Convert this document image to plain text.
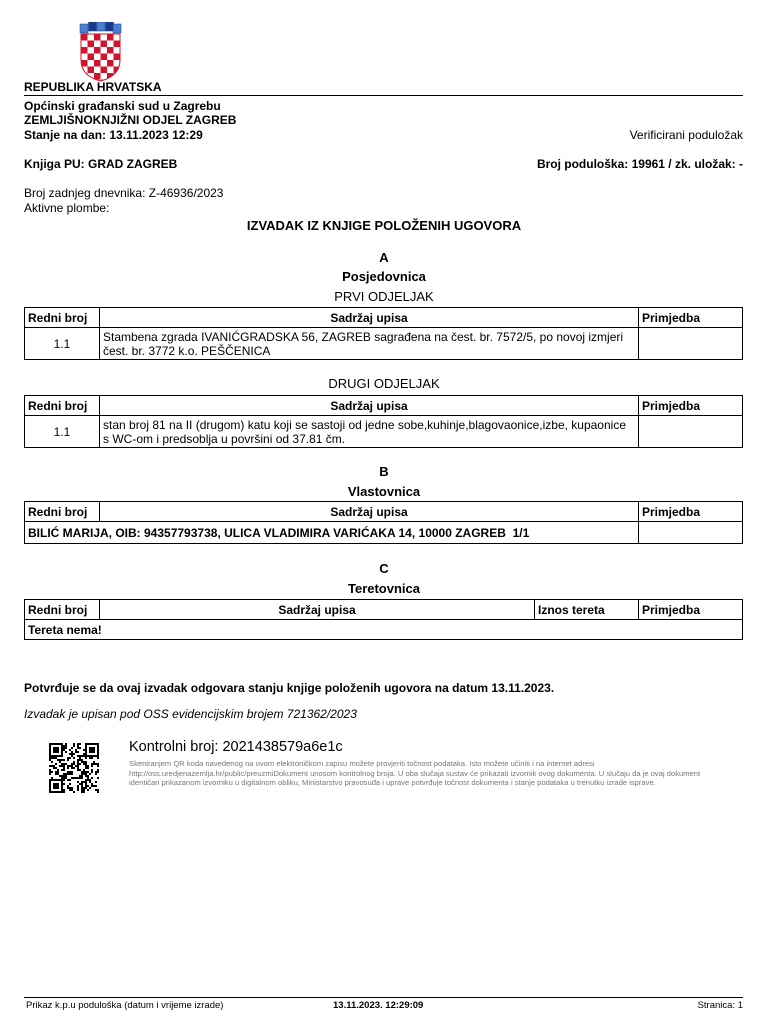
REPUBLIKA HRVATSKA
Općinski građanski sud u Zagrebu
ZEMLJIŠNOKNJIŽNI ODJEL ZAGREB
Stanje na dan: 13.11.2023 12:29	Verificirani poduložak
Knjiga PU: GRAD ZAGREB	Broj poduloška: 19961 / zk. uložak: -
Broj zadnjeg dnevnika: Z-46936/2023
Aktivne plombe:
IZVADAK IZ KNJIGE POLOŽENIH UGOVORA
A
Posjedovnica
PRVI ODJELJAK
Redni broj	Sadržaj upisa	Primjedba
1.1	Stambena zgrada IVANIĆGRADSKA 56, ZAGREB sagrađena na čest. br. 7572/5, po novoj izmjeri čest. br. 3772 k.o. PEŠČENICA	
DRUGI ODJELJAK
Redni broj	Sadržaj upisa	Primjedba
1.1	stan broj 81 na II (drugom) katu koji se sastoji od jedne sobe,kuhinje,blagovaonice,izbe, kupaonice s WC-om i predsoblja u površini od 37.81 čm.	
B
Vlastovnica
Redni broj	Sadržaj upisa	Primjedba
BILIĆ MARIJA, OIB: 94357793738, ULICA VLADIMIRA VARIĆAKA 14, 10000 ZAGREB  1/1		
C
Teretovnica
Redni broj	Sadržaj upisa	Iznos tereta	Primjedba
Tereta nema!
Potvrđuje se da ovaj izvadak odgovara stanju knjige položenih ugovora na datum 13.11.2023.
Izvadak je upisan pod OSS evidencijskim brojem 721362/2023
Kontrolni broj: 2021438579a6e1c
Skeniranjem QR koda navedenog na ovom elektroničkom zapisu možete provjeriti točnost podataka. Isto možete učiniti i na internet adresi http://oss.uredjenazemlja.hr/public/preuzmiDokument unosom kontrolnog broja. U oba slučaja sustav će prikazati izvornik ovog dokumenta. U slučaju da je ovaj dokument identičan prikazanom izvorniku u digitalnom obliku, Ministarstvo pravosuđa i uprave potvrđuje točnost dokumenta i stanje podataka u trenutku izrade isprave.
Prikaz k.p.u poduloška (datum i vrijeme izrade)	13.11.2023. 12:29:09	Stranica: 1
